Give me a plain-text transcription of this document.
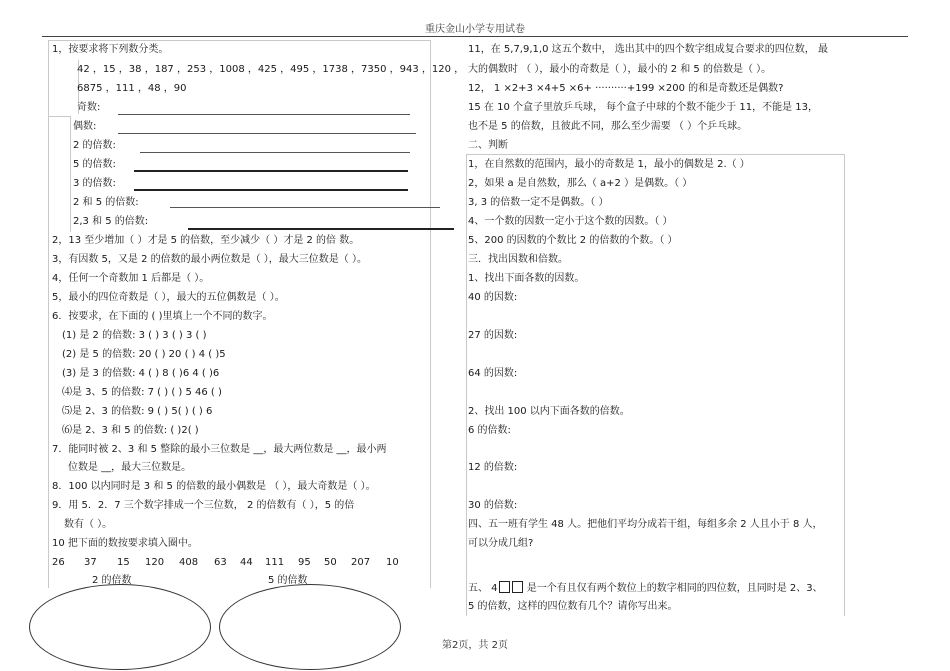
重庆金山小学专用试卷
1，按要求将下列数分类。
42 ，15 ，38 ，187 ，253 ，1008 ，425 ，495 ，1738 ，7350 ，943 ，120 ，
6875 ，111 ，48 ，90
奇数:
偶数:
2 的倍数:
5 的倍数:
3 的倍数:
2 和 5 的倍数:
2,3 和 5 的倍数:
2，13 至少增加（ ）才是 5 的倍数，至少减少（ ）才是 2 的倍 数。
3，有因数 5，又是 2 的倍数的最小两位数是（ ），最大三位数是（ ）。
4，任何一个奇数加 1 后都是（ ）。
5，最小的四位奇数是（ ），最大的五位偶数是（ ）。
6．按要求，在下面的 ( )里填上一个不同的数字。
(1) 是 2 的倍数: 3 ( ) 3 ( ) 3 ( )
(2) 是 5 的倍数: 20 ( ) 20 ( ) 4 ( )5
(3) 是 3 的倍数: 4 ( ) 8 ( )6 4 ( )6
⑷是 3、5 的倍数: 7 ( ) ( ) 5 46 ( )
⑸是 2、3 的倍数: 9 ( ) 5( ) ( ) 6
⑹是 2、3 和 5 的倍数: ( )2( )
7．能同时被 2、3 和 5 整除的最小三位数是 __，最大两位数是 __，最小两
位数是 __，最大三位数是。
8．100 以内同时是 3 和 5 的倍数的最小偶数是 （ ），最大奇数是（ ）。
9．用 5．2．7 三个数字排成一个三位数， 2 的倍数有（ ），5 的倍
数有（ ）。
10 把下面的数按要求填入圈中。
26 37 15 120 408 63 44 111 95 50 207 10
2 的倍数	5 的倍数
11，在 5,7,9,1,0 这五个数中， 选出其中的四个数字组成复合要求的四位数， 最
大的偶数时 （ ），最小的奇数是（ ），最小的 2 和 5 的倍数是（ ）。
12， 1 ×2+3 ×4+5 ×6+ ··········+199 ×200 的和是奇数还是偶数?
15 在 10 个盒子里放乒乓球， 每个盒子中球的个数不能少于 11，不能是 13，
也不是 5 的倍数，且彼此不同，那么至少需要 （ ）个乒乓球。
二、判断
1，在自然数的范围内，最小的奇数是 1，最小的偶数是 2.（ ）
2，如果 a 是自然数，那么（ a+2 ）是偶数。（ ）
3, 3 的倍数一定不是偶数。（ ）
4、一个数的因数一定小于这个数的因数。（ ）
5、200 的因数的个数比 2 的倍数的个数。（ ）
三．找出因数和倍数。
1、找出下面各数的因数。
40 的因数:
27 的因数:
64 的因数:
2、找出 100 以内下面各数的倍数。
6 的倍数:
12 的倍数:
30 的倍数:
四、五一班有学生 48 人。把他们平均分成若干组，每组多余 2 人且小于 8 人，
可以分成几组?
五、 4	是一个有且仅有两个数位上的数字相同的四位数，且同时是 2、3、
5 的倍数，这样的四位数有几个？请你写出来。
第2页，共 2页
